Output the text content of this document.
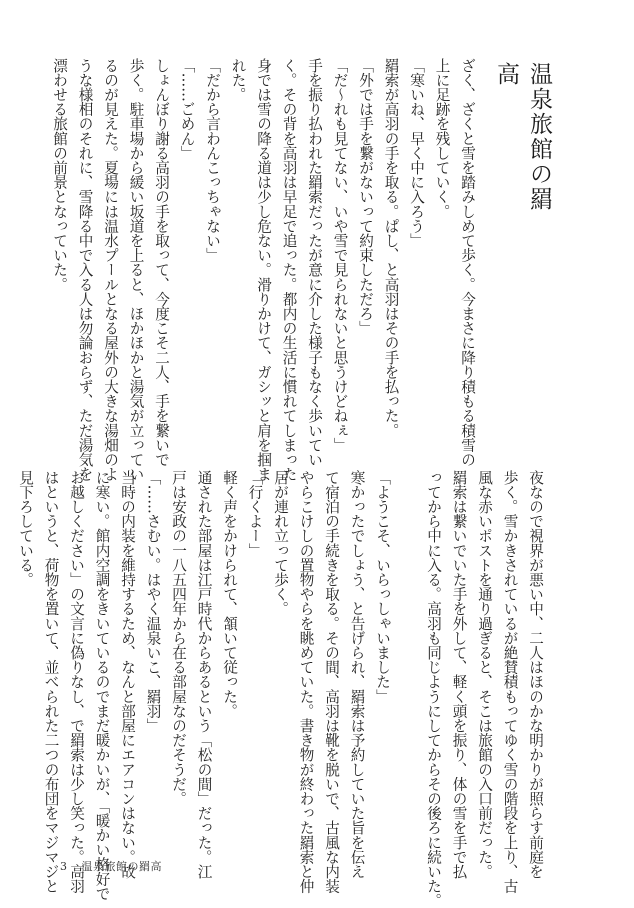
温泉旅館の羂高
ざく、ざくと雪を踏みしめて歩く。今まさに降り積もる積雪の
上に足跡を残していく。
「寒いね、早く中に入ろう」
羂索が高羽の手を取る。ぱし、と高羽はその手を払った。
「外では手を繋がないって約束しただろ」
「だ〜れも見てない、いや雪で見られないと思うけどねぇ」
手を振り払われた羂索だったが意に介した様子もなく歩いてい
く。その背を高羽は早足で追った。都内の生活に慣れてしまった
身では雪の降る道は少し危ない。滑りかけて、ガシッと肩を掴ま
れた。
「だから言わんこっちゃない」
「……ごめん」
しょんぼり謝る高羽の手を取って、今度こそ二人、手を繋いで
歩く。駐車場から緩い坂道を上ると、ほかほかと湯気が立ってい
るのが見えた。夏場には温水プールとなる屋外の大きな湯畑のよ
うな様相のそれに、雪降る中で入る人は勿論おらず、ただ湯気を
漂わせる旅館の前景となっていた。
夜なので視界が悪い中、二人はほのかな明かりが照らす前庭を
歩く。雪かきされているが絶賛積もってゆく雪の階段を上り、古
風な赤いポストを通り過ぎると、そこは旅館の入口前だった。
羂索は繋いでいた手を外して、軽く頭を振り、体の雪を手で払
ってから中に入る。高羽も同じようにしてからその後ろに続いた。

「ようこそ、いらっしゃいました」
寒かったでしょう、と告げられ、羂索は予約していた旨を伝え
て宿泊の手続きを取る。その間、高羽は靴を脱いで、古風な内装
やらこけしの置物やらを眺めていた。書き物が終わった羂索と仲
居が連れ立って歩く。
「行くよー」
軽く声をかけられて、頷いて従った。
通された部屋は江戸時代からあるという「松の間」だった。江
戸は安政の一八五四年から在る部屋なのだそうだ。
「……さむい。はやく温泉いこ、羂羽」
当時の内装を維持するため、なんと部屋にエアコンはない。故
に寒い。館内空調をきいているのでまだ暖かいが、「暖かい格好で
お越しください」の文言に偽りなし、で羂索は少し笑った。高羽
はというと、荷物を置いて、並べられた二つの布団をマジマジと
見下ろしている。
3 温泉旅館の羂高
